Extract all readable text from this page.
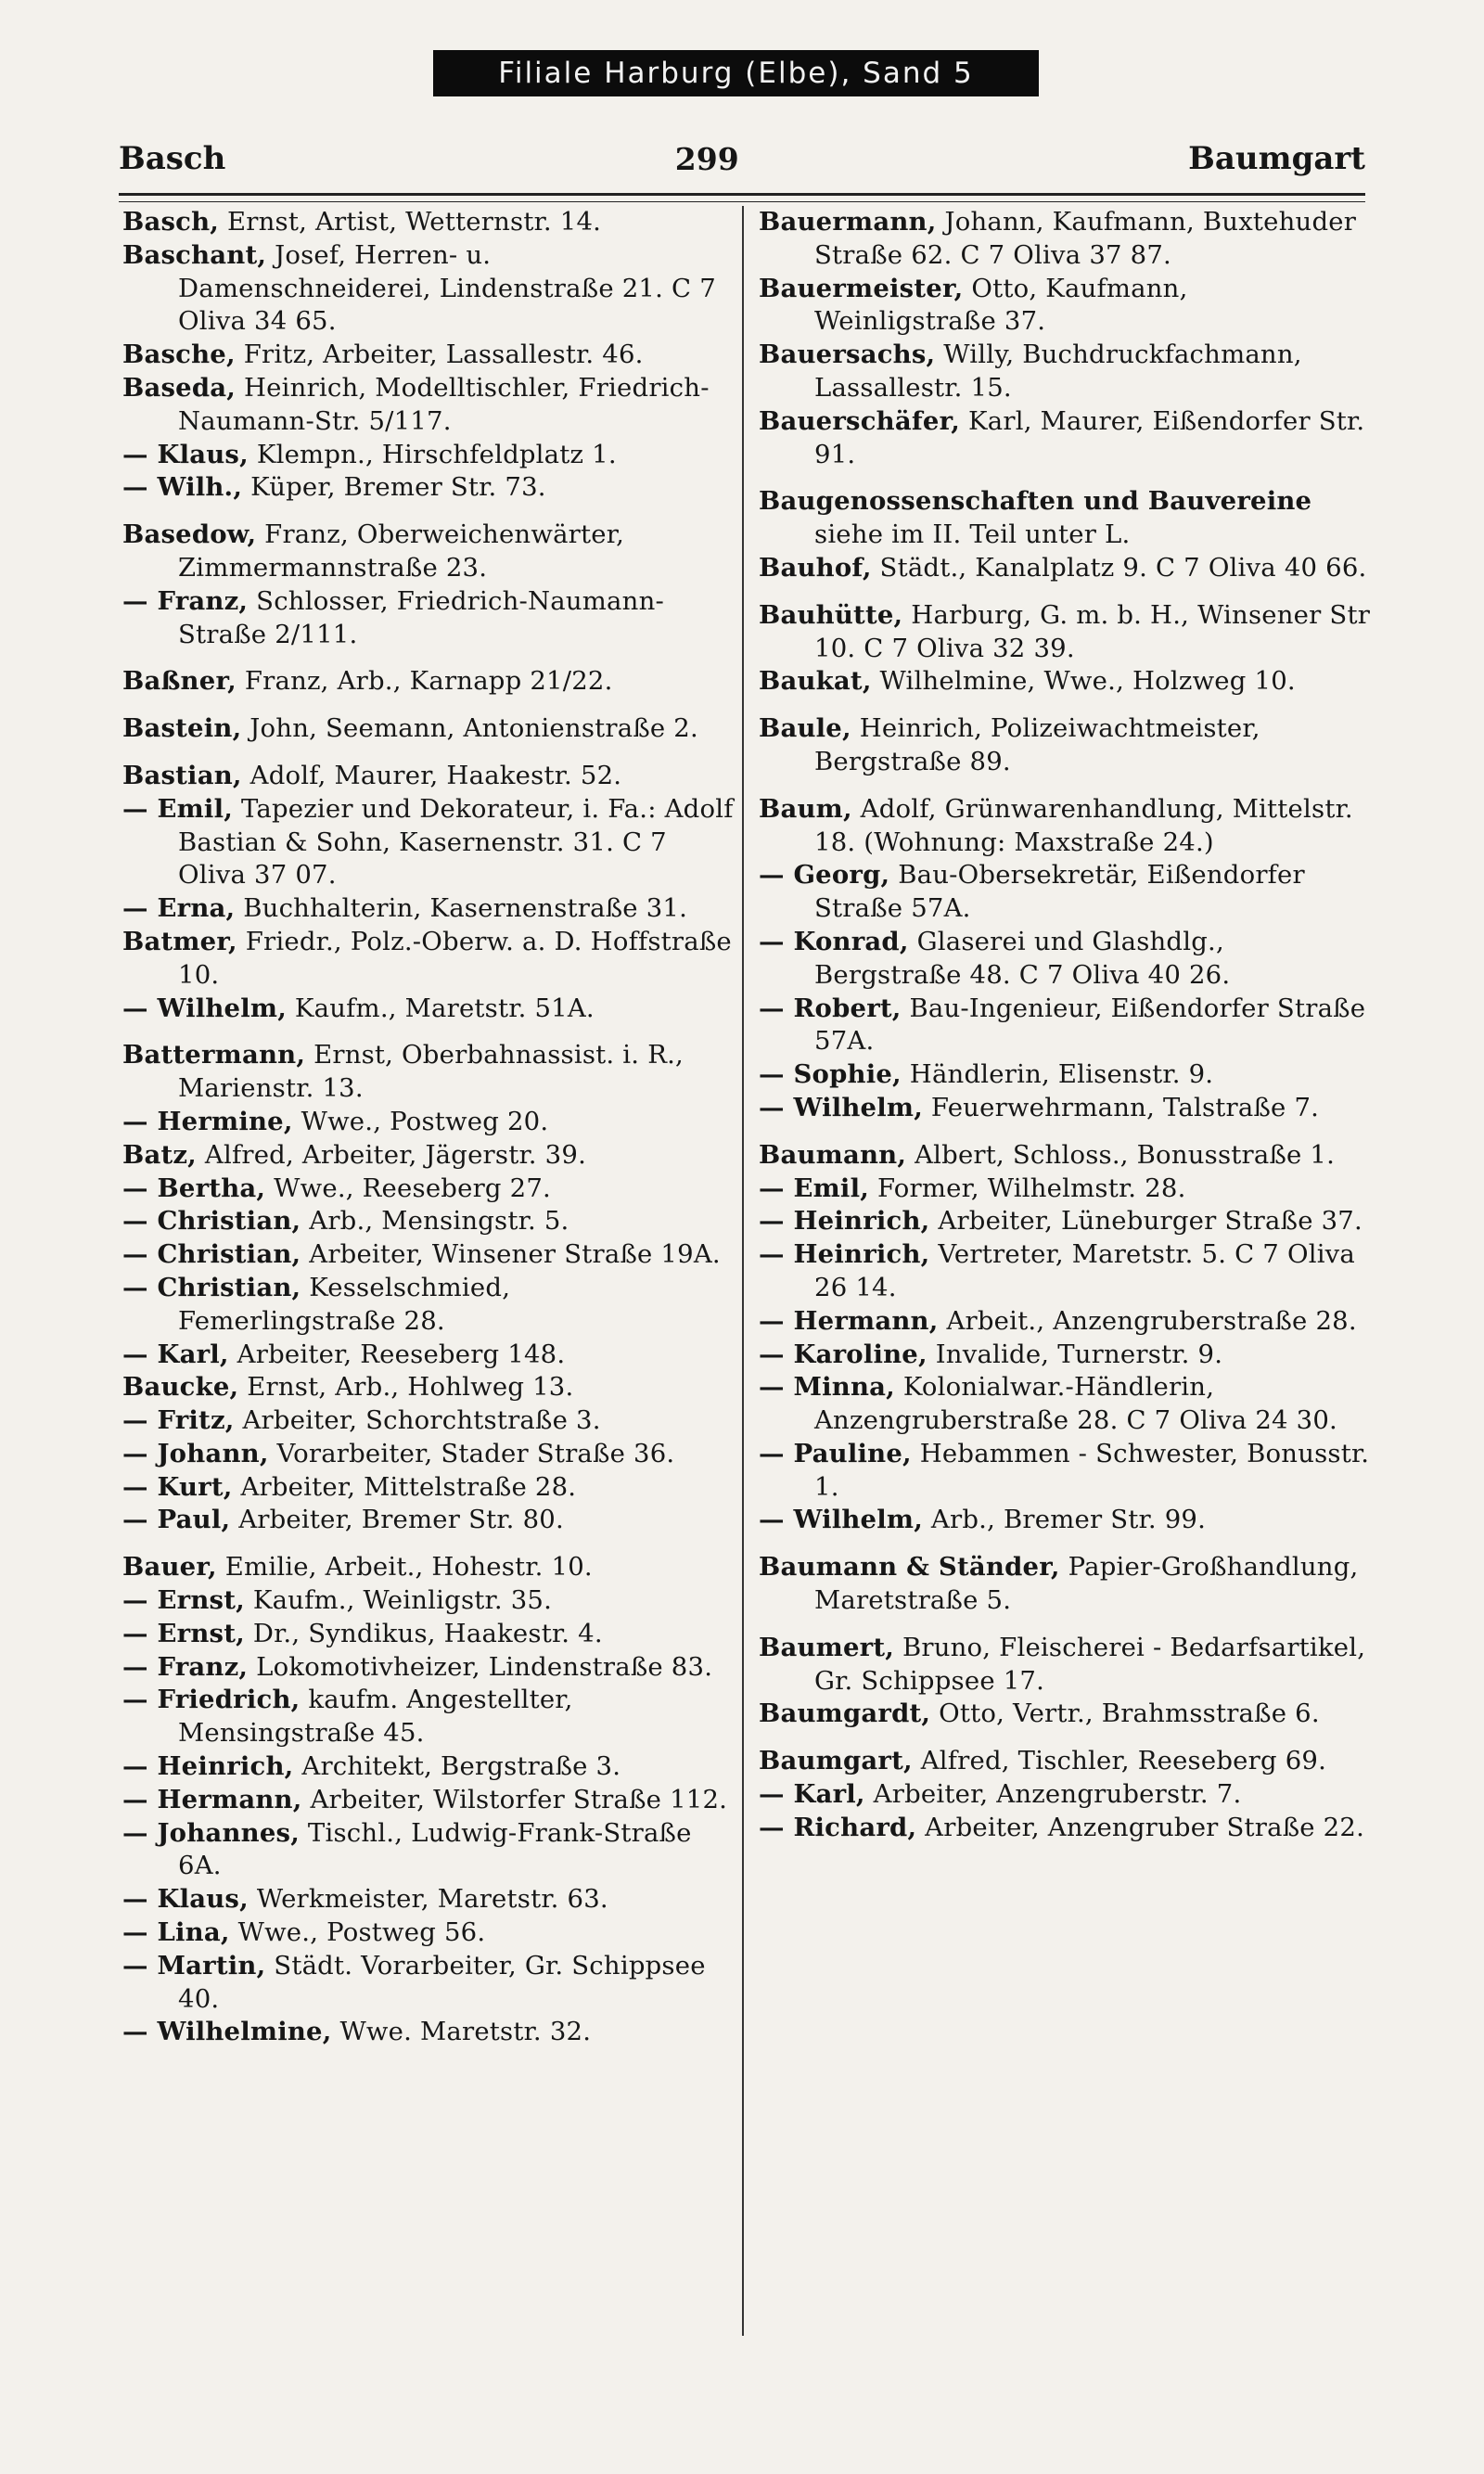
Filiale Harburg (Elbe), Sand 5
Basch	299	Baumgart
Basch, Ernst, Artist, Wetternstr. 14.
Baschant, Josef, Herren- u. Damenschneiderei, Lindenstraße 21. C 7 Oliva 34 65.
Basche, Fritz, Arbeiter, Lassallestr. 46.
Baseda, Heinrich, Modelltischler, Friedrich-Naumann-Str. 5/117.
— Klaus, Klempn., Hirschfeldplatz 1.
— Wilh., Küper, Bremer Str. 73.
Basedow, Franz, Oberweichenwärter, Zimmermannstraße 23.
— Franz, Schlosser, Friedrich-Naumann-Straße 2/111.
Baßner, Franz, Arb., Karnapp 21/22.
Bastein, John, Seemann, Antonienstraße 2.
Bastian, Adolf, Maurer, Haakestr. 52.
— Emil, Tapezier und Dekorateur, i. Fa.: Adolf Bastian & Sohn, Kasernenstr. 31. C 7 Oliva 37 07.
— Erna, Buchhalterin, Kasernenstraße 31.
Batmer, Friedr., Polz.-Oberw. a. D. Hoffstraße 10.
— Wilhelm, Kaufm., Maretstr. 51A.
Battermann, Ernst, Oberbahnassist. i. R., Marienstr. 13.
— Hermine, Wwe., Postweg 20.
Batz, Alfred, Arbeiter, Jägerstr. 39.
— Bertha, Wwe., Reeseberg 27.
— Christian, Arb., Mensingstr. 5.
— Christian, Arbeiter, Winsener Straße 19A.
— Christian, Kesselschmied, Femerlingstraße 28.
— Karl, Arbeiter, Reeseberg 148.
Baucke, Ernst, Arb., Hohlweg 13.
— Fritz, Arbeiter, Schorchtstraße 3.
— Johann, Vorarbeiter, Stader Straße 36.
— Kurt, Arbeiter, Mittelstraße 28.
— Paul, Arbeiter, Bremer Str. 80.
Bauer, Emilie, Arbeit., Hohestr. 10.
— Ernst, Kaufm., Weinligstr. 35.
— Ernst, Dr., Syndikus, Haakestr. 4.
— Franz, Lokomotivheizer, Lindenstraße 83.
— Friedrich, kaufm. Angestellter, Mensingstraße 45.
— Heinrich, Architekt, Bergstraße 3.
— Hermann, Arbeiter, Wilstorfer Straße 112.
— Johannes, Tischl., Ludwig-Frank-Straße 6A.
— Klaus, Werkmeister, Maretstr. 63.
— Lina, Wwe., Postweg 56.
— Martin, Städt. Vorarbeiter, Gr. Schippsee 40.
— Wilhelmine, Wwe. Maretstr. 32.
Bauermann, Johann, Kaufmann, Buxtehuder Straße 62. C 7 Oliva 37 87.
Bauermeister, Otto, Kaufmann, Weinligstraße 37.
Bauersachs, Willy, Buchdruckfachmann, Lassallestr. 15.
Bauerschäfer, Karl, Maurer, Eißendorfer Str. 91.
Baugenossenschaften und Bauvereine siehe im II. Teil unter L.
Bauhof, Städt., Kanalplatz 9. C 7 Oliva 40 66.
Bauhütte, Harburg, G. m. b. H., Winsener Str 10. C 7 Oliva 32 39.
Baukat, Wilhelmine, Wwe., Holzweg 10.
Baule, Heinrich, Polizeiwachtmeister, Bergstraße 89.
Baum, Adolf, Grünwarenhandlung, Mittelstr. 18. (Wohnung: Maxstraße 24.)
— Georg, Bau-Obersekretär, Eißendorfer Straße 57A.
— Konrad, Glaserei und Glashdlg., Bergstraße 48. C 7 Oliva 40 26.
— Robert, Bau-Ingenieur, Eißendorfer Straße 57A.
— Sophie, Händlerin, Elisenstr. 9.
— Wilhelm, Feuerwehrmann, Talstraße 7.
Baumann, Albert, Schloss., Bonusstraße 1.
— Emil, Former, Wilhelmstr. 28.
— Heinrich, Arbeiter, Lüneburger Straße 37.
— Heinrich, Vertreter, Maretstr. 5. C 7 Oliva 26 14.
— Hermann, Arbeit., Anzengruberstraße 28.
— Karoline, Invalide, Turnerstr. 9.
— Minna, Kolonialwar.-Händlerin, Anzengruberstraße 28. C 7 Oliva 24 30.
— Pauline, Hebammen - Schwester, Bonusstr. 1.
— Wilhelm, Arb., Bremer Str. 99.
Baumann & Ständer, Papier-Großhandlung, Maretstraße 5.
Baumert, Bruno, Fleischerei - Bedarfsartikel, Gr. Schippsee 17.
Baumgardt, Otto, Vertr., Brahmsstraße 6.
Baumgart, Alfred, Tischler, Reeseberg 69.
— Karl, Arbeiter, Anzengruberstr. 7.
— Richard, Arbeiter, Anzengruber Straße 22.
